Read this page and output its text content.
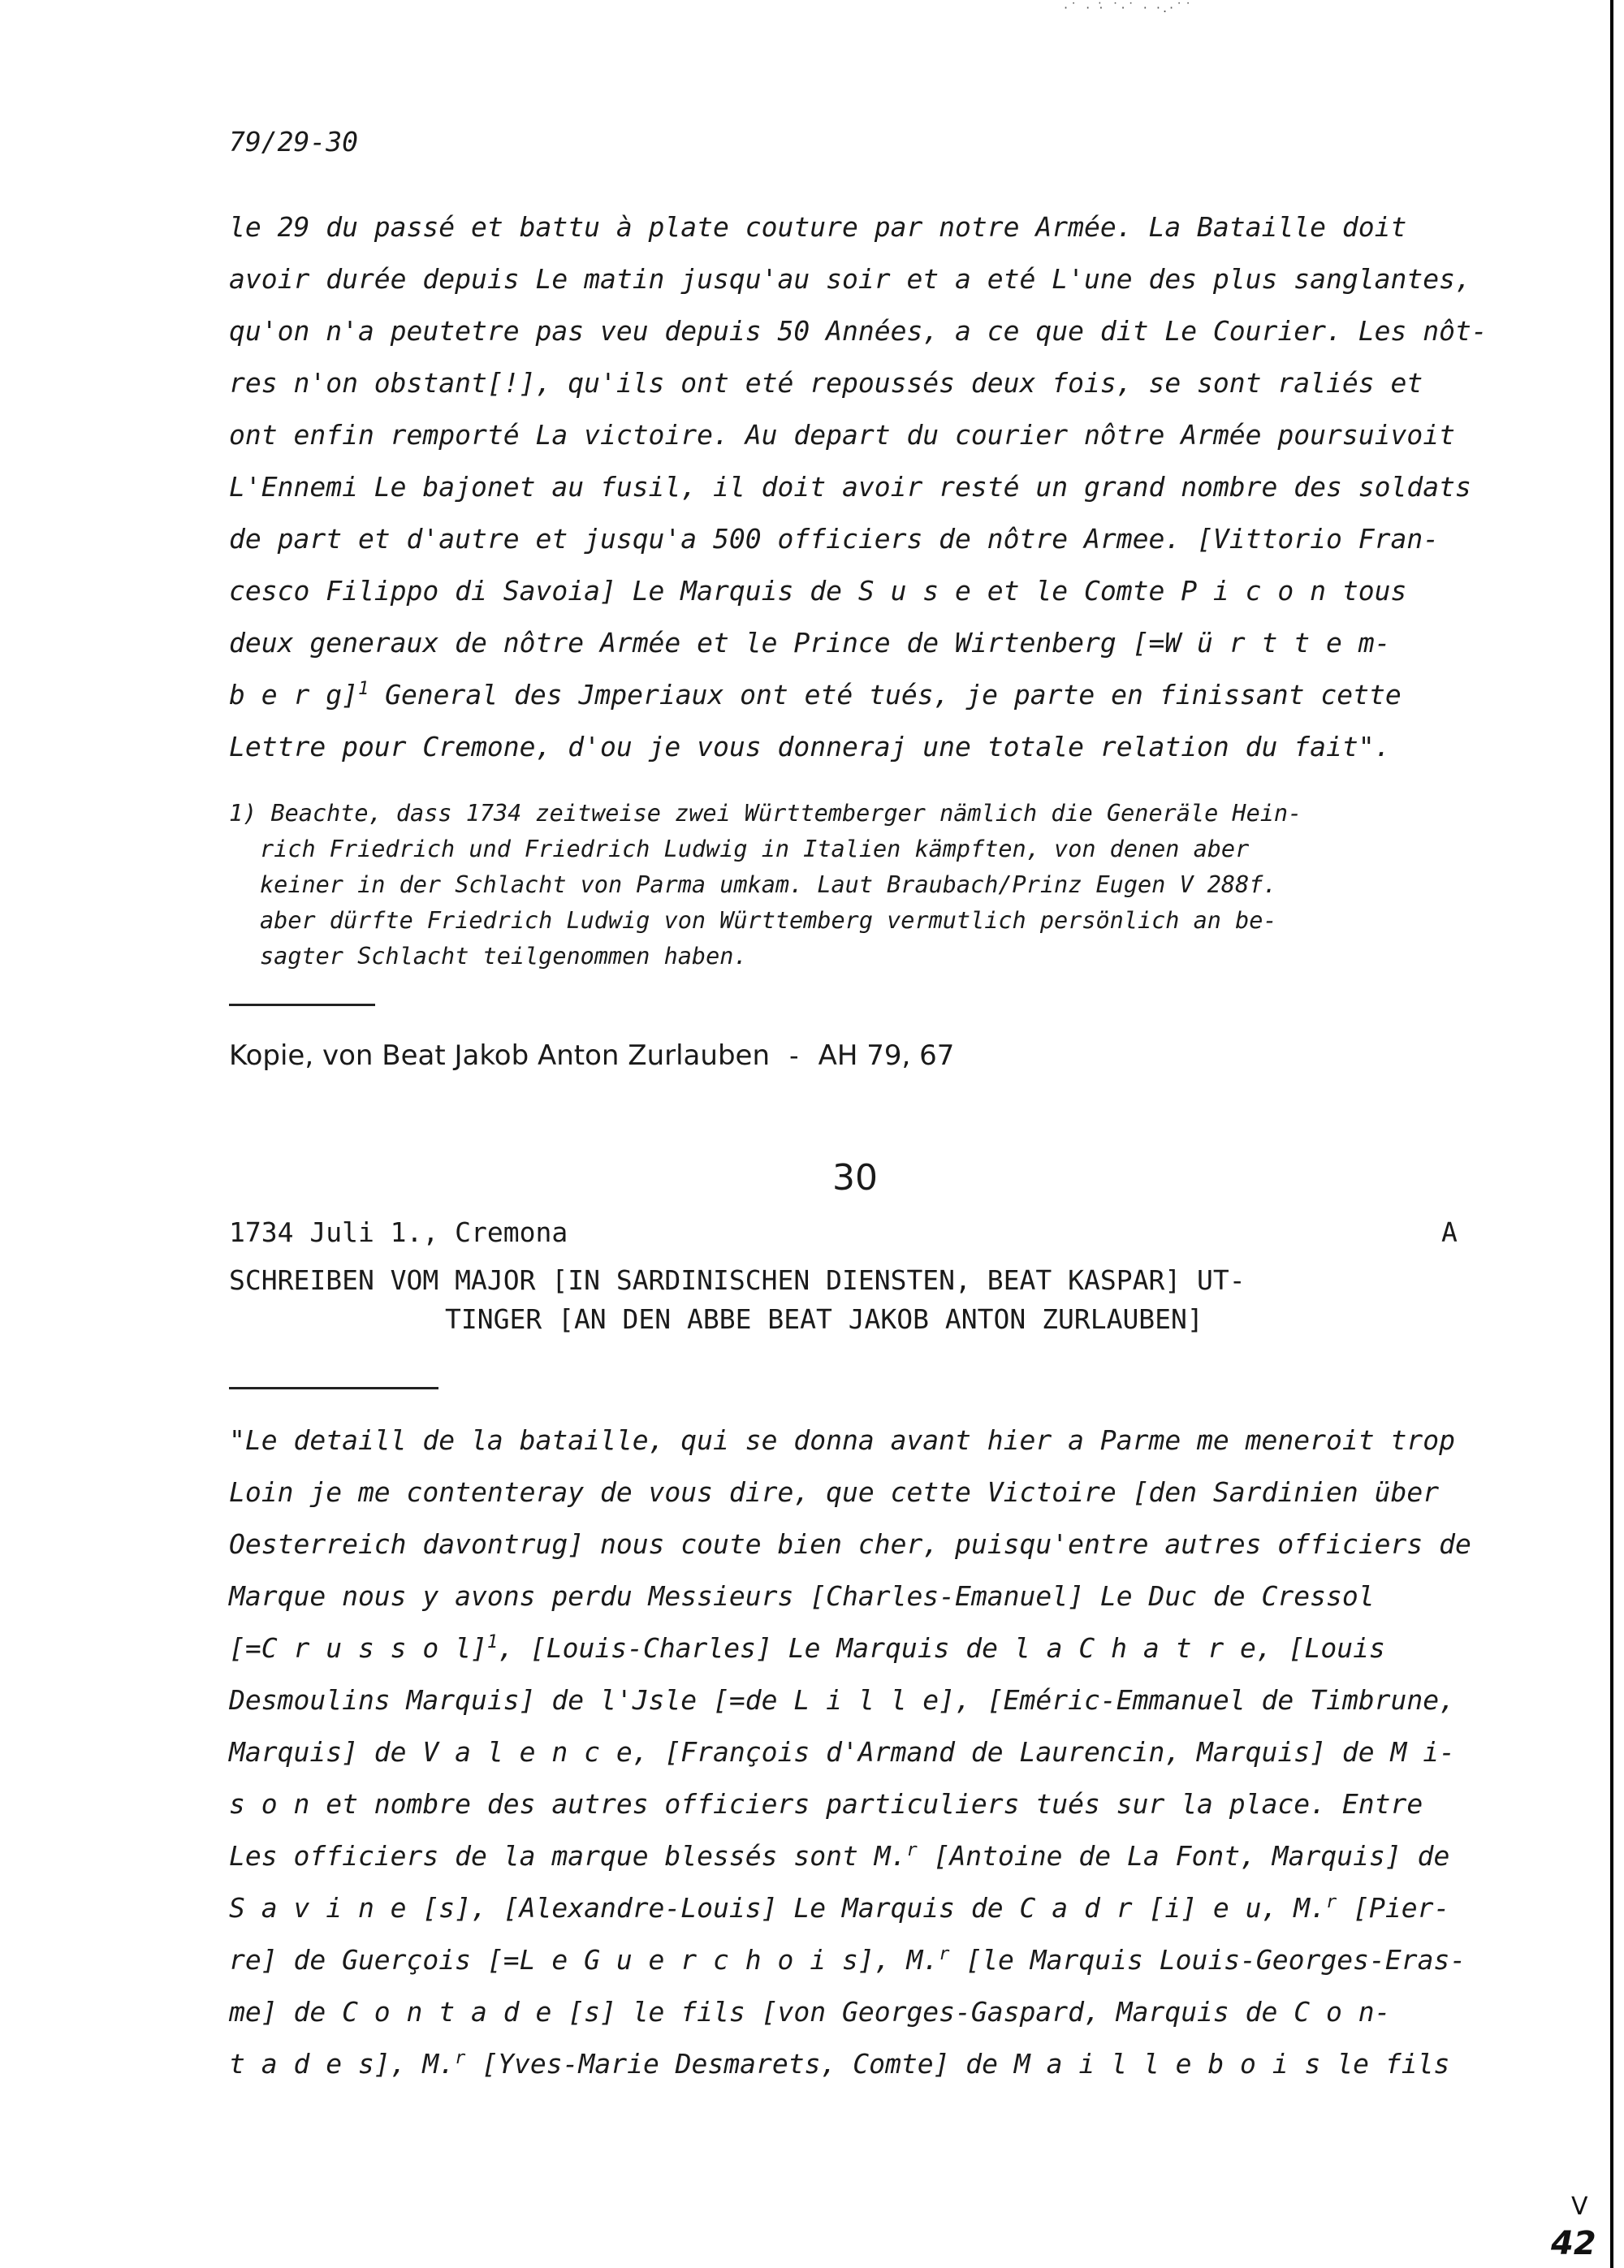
·˙ · ·̇ ˙·˙ · ·.·˙˙
79/29-30
le 29 du passé et battu à plate couture par notre Armée. La Bataille doit
avoir durée depuis Le matin jusqu'au soir et a eté L'une des plus sanglantes,
qu'on n'a peutetre pas veu depuis 50 Années, a ce que dit Le Courier. Les nôt-
res n'on obstant[!], qu'ils ont eté repoussés deux fois, se sont raliés et
ont enfin remporté La victoire. Au depart du courier nôtre Armée poursuivoit
L'Ennemi Le bajonet au fusil, il doit avoir resté un grand nombre des soldats
de part et d'autre et jusqu'a 500 officiers de nôtre Armee. [Vittorio Fran-
cesco Filippo di Savoia] Le Marquis de S u s e et le Comte P i c o n tous
deux generaux de nôtre Armée et le Prince de Wirtenberg [=W ü r t t e m-
b e r g]$^1$ General des Jmperiaux ont eté tués, je parte en finissant cette
Lettre pour Cremone, d'ou je vous donneraj une totale relation du fait".
1) Beachte, dass 1734 zeitweise zwei Württemberger nämlich die Generäle Hein-
rich Friedrich und Friedrich Ludwig in Italien kämpften, von denen aber
keiner in der Schlacht von Parma umkam. Laut Braubach/Prinz Eugen V 288f.
aber dürfte Friedrich Ludwig von Württemberg vermutlich persönlich an be-
sagter Schlacht teilgenommen haben.
Kopie, von Beat Jakob Anton Zurlauben - AH 79, 67
30
1734 Juli 1., Cremona	A
SCHREIBEN VOM MAJOR [IN SARDINISCHEN DIENSTEN, BEAT KASPAR] UT-
TINGER [AN DEN ABBE BEAT JAKOB ANTON ZURLAUBEN]
"Le detaill de la bataille, qui se donna avant hier a Parme me meneroit trop
Loin je me contenteray de vous dire, que cette Victoire [den Sardinien über
Oesterreich davontrug] nous coute bien cher, puisqu'entre autres officiers de
Marque nous y avons perdu Messieurs [Charles-Emanuel] Le Duc de Cressol
[=C r u s s o l]$^1$, [Louis-Charles] Le Marquis de l a C h a t r e, [Louis
Desmoulins Marquis] de l'Jsle [=de L i l l e], [Eméric-Emmanuel de Timbrune,
Marquis] de V a l e n c e, [François d'Armand de Laurencin, Marquis] de M i-
s o n et nombre des autres officiers particuliers tués sur la place. Entre
Les officiers de la marque blessés sont M.$^r$ [Antoine de La Font, Marquis] de
S a v i n e [s], [Alexandre-Louis] Le Marquis de C a d r [i] e u, M.$^r$ [Pier-
re] de Guerçois [=L e G u e r c h o i s], M.$^r$ [le Marquis Louis-Georges-Eras-
me] de C o n t a d e [s] le fils [von Georges-Gaspard, Marquis de C o n-
t a d e s], M.$^r$ [Yves-Marie Desmarets, Comte] de M a i l l e b o i s le fils
V
42
